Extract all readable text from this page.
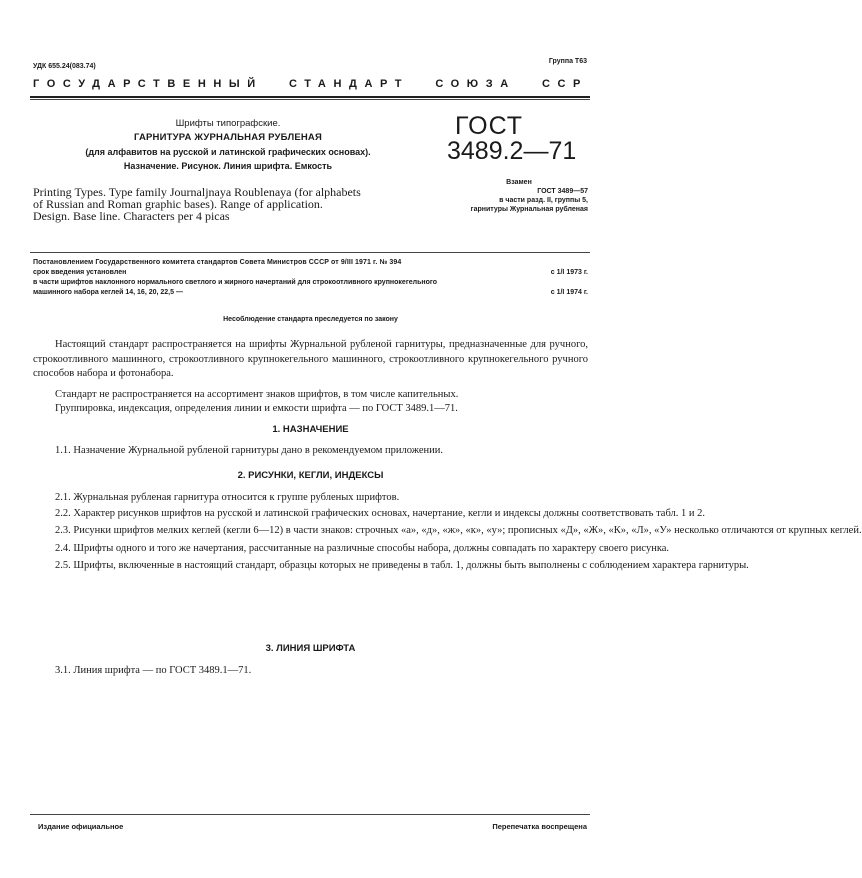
УДК 655.24(083.74)
Группа Т63
ГОСУДАРСТВЕННЫЙ СТАНДАРТ СОЮЗА ССР
Шрифты типографские.
ГАРНИТУРА ЖУРНАЛЬНАЯ РУБЛЕНАЯ
(для алфавитов на русской и латинской графических основах).
Назначение. Рисунок. Линия шрифта. Емкость
Printing Types. Type family Journaljnaya Roublenaya (for alphabets
of Russian and Roman graphic bases). Range of application.
Design. Base line. Characters per 4 picas
ГОСТ
3489.2—71
Взамен
ГОСТ 3489—57
в части разд. II, группы 5,
гарнитуры Журнальная рубленая
Постановлением Государственного комитета стандартов Совета Министров СССР от 9/III 1971 г. № 394
срок введения установлен	с 1/I 1973 г.
в части шрифтов наклонного нормального светлого и жирного начертаний для строкоотливного крупнокегельного
машинного набора кеглей 14, 16, 20, 22,5 —	с 1/I 1974 г.
Несоблюдение стандарта преследуется по закону

Настоящий стандарт распространяется на шрифты Журнальной рубленой гарнитуры, предназначенные для ручного, строкоотливного машинного, строкоотливного крупнокегельного машинного, строкоотливного крупнокегельного ручного способов набора и фотонабора.

Стандарт не распространяется на ассортимент знаков шрифтов, в том числе капительных.

Группировка, индексация, определения линии и емкости шрифта — по ГОСТ 3489.1—71.

1. НАЗНАЧЕНИЕ

1.1. Назначение Журнальной рубленой гарнитуры дано в рекомендуемом приложении.

2. РИСУНКИ, КЕГЛИ, ИНДЕКСЫ

2.1. Журнальная рубленая гарнитура относится к группе рубленых шрифтов.

2.2. Характер рисунков шрифтов на русской и латинской графических основах, начертание, кегли и индексы должны соответствовать табл. 1 и 2.

2.3. Рисунки шрифтов мелких кеглей (кегли 6—12) в части знаков: строчных «а», «д», «ж», «к», «у»; прописных «Д», «Ж», «К», «Л», «У» несколько отличаются от крупных кеглей.

2.4. Шрифты одного и того же начертания, рассчитанные на различные способы набора, должны совпадать по характеру своего рисунка.

2.5. Шрифты, включенные в настоящий стандарт, образцы которых не приведены в табл. 1, должны быть выполнены с соблюдением характера гарнитуры.

3. ЛИНИЯ ШРИФТА

3.1. Линия шрифта — по ГОСТ 3489.1—71.

Издание официальное	Перепечатка воспрещена
